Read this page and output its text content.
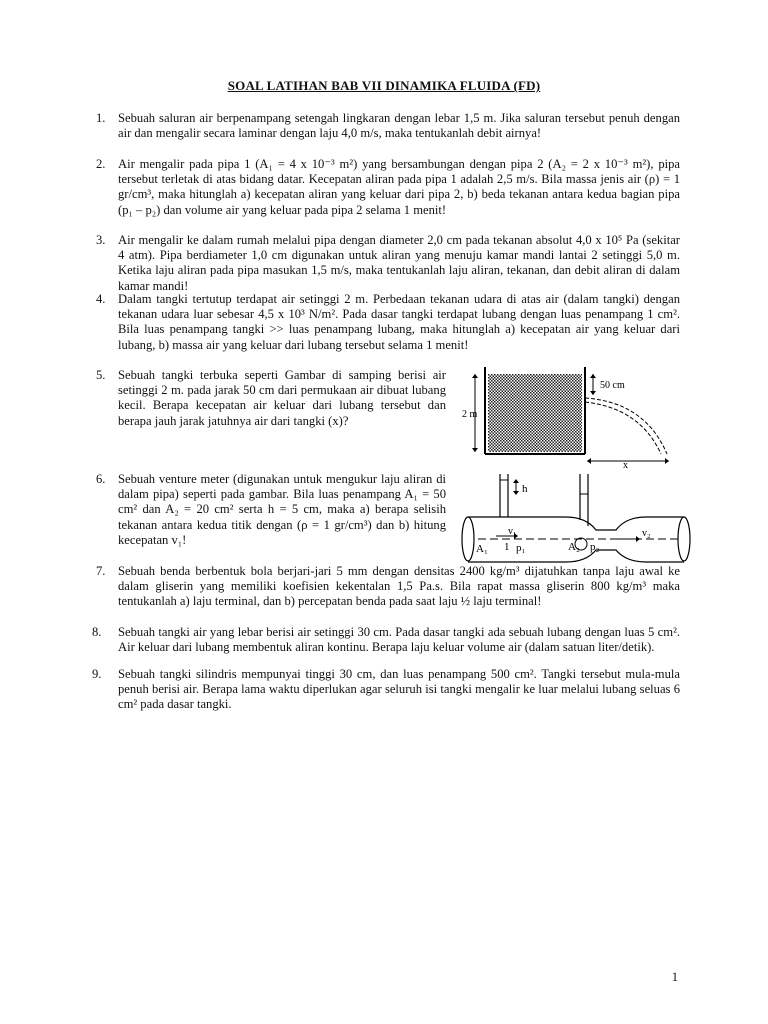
SOAL LATIHAN BAB VII DINAMIKA FLUIDA (FD)
1. Sebuah saluran air berpenampang setengah lingkaran dengan lebar 1,5 m. Jika saluran tersebut penuh dengan air dan mengalir secara laminar dengan laju 4,0 m/s, maka tentukanlah debit airnya!
2. Air mengalir pada pipa 1 (A₁ = 4 x 10⁻³ m²) yang bersambungan dengan pipa 2 (A₂ = 2 x 10⁻³ m²), pipa tersebut terletak di atas bidang datar. Kecepatan aliran pada pipa 1 adalah 2,5 m/s. Bila massa jenis air (ρ) = 1 gr/cm³, maka hitunglah a) kecepatan aliran yang keluar dari pipa 2, b) beda tekanan antara kedua bagian pipa (p₁ – p₂) dan volume air yang keluar pada pipa 2 selama 1 menit!
3. Air mengalir ke dalam rumah melalui pipa dengan diameter 2,0 cm pada tekanan absolut 4,0 x 10⁵ Pa (sekitar 4 atm). Pipa berdiameter 1,0 cm digunakan untuk aliran yang menuju kamar mandi lantai 2 setinggi 5,0 m. Ketika laju aliran pada pipa masukan 1,5 m/s, maka tentukanlah laju aliran, tekanan, dan debit aliran di dalam kamar mandi!
4. Dalam tangki tertutup terdapat air setinggi 2 m. Perbedaan tekanan udara di atas air (dalam tangki) dengan tekanan udara luar sebesar 4,5 x 10³ N/m². Pada dasar tangki terdapat lubang dengan luas penampang 1 cm². Bila luas penampang tangki >> luas penampang lubang, maka hitunglah a) kecepatan air yang keluar dari lubang, b) massa air yang keluar dari lubang tersebut selama 1 menit!
5. Sebuah tangki terbuka seperti Gambar di samping berisi air setinggi 2 m. pada jarak 50 cm dari permukaan air dibuat lubang kecil. Berapa kecepatan air keluar dari lubang tersebut dan berapa jauh jarak jatuhnya air dari tangki (x)?
50 cm
2 m
x
6. Sebuah venture meter (digunakan untuk mengukur laju aliran di dalam pipa) seperti pada gambar. Bila luas penampang A₁ = 50 cm² dan A₂ = 20 cm² serta h = 5 cm, maka a) berapa selisih tekanan antara kedua titik dengan (ρ = 1 gr/cm³) dan b) hitung kecepatan v₁!
h
v₁	v₂
A₁ 1 p₁	A₂ p₂
7. Sebuah benda berbentuk bola berjari-jari 5 mm dengan densitas 2400 kg/m³ dijatuhkan tanpa laju awal ke dalam gliserin yang memiliki koefisien kekentalan 1,5 Pa.s. Bila rapat massa gliserin 800 kg/m³ maka tentukanlah a) laju terminal, dan b) percepatan benda pada saat laju ½ laju terminal!
8. Sebuah tangki air yang lebar berisi air setinggi 30 cm. Pada dasar tangki ada sebuah lubang dengan luas 5 cm². Air keluar dari lubang membentuk aliran kontinu. Berapa laju keluar volume air (dalam satuan liter/detik).
9. Sebuah tangki silindris mempunyai tinggi 30 cm, dan luas penampang 500 cm². Tangki tersebut mula-mula penuh berisi air. Berapa lama waktu diperlukan agar seluruh isi tangki mengalir ke luar melalui lubang seluas 6 cm² pada dasar tangki.
1
